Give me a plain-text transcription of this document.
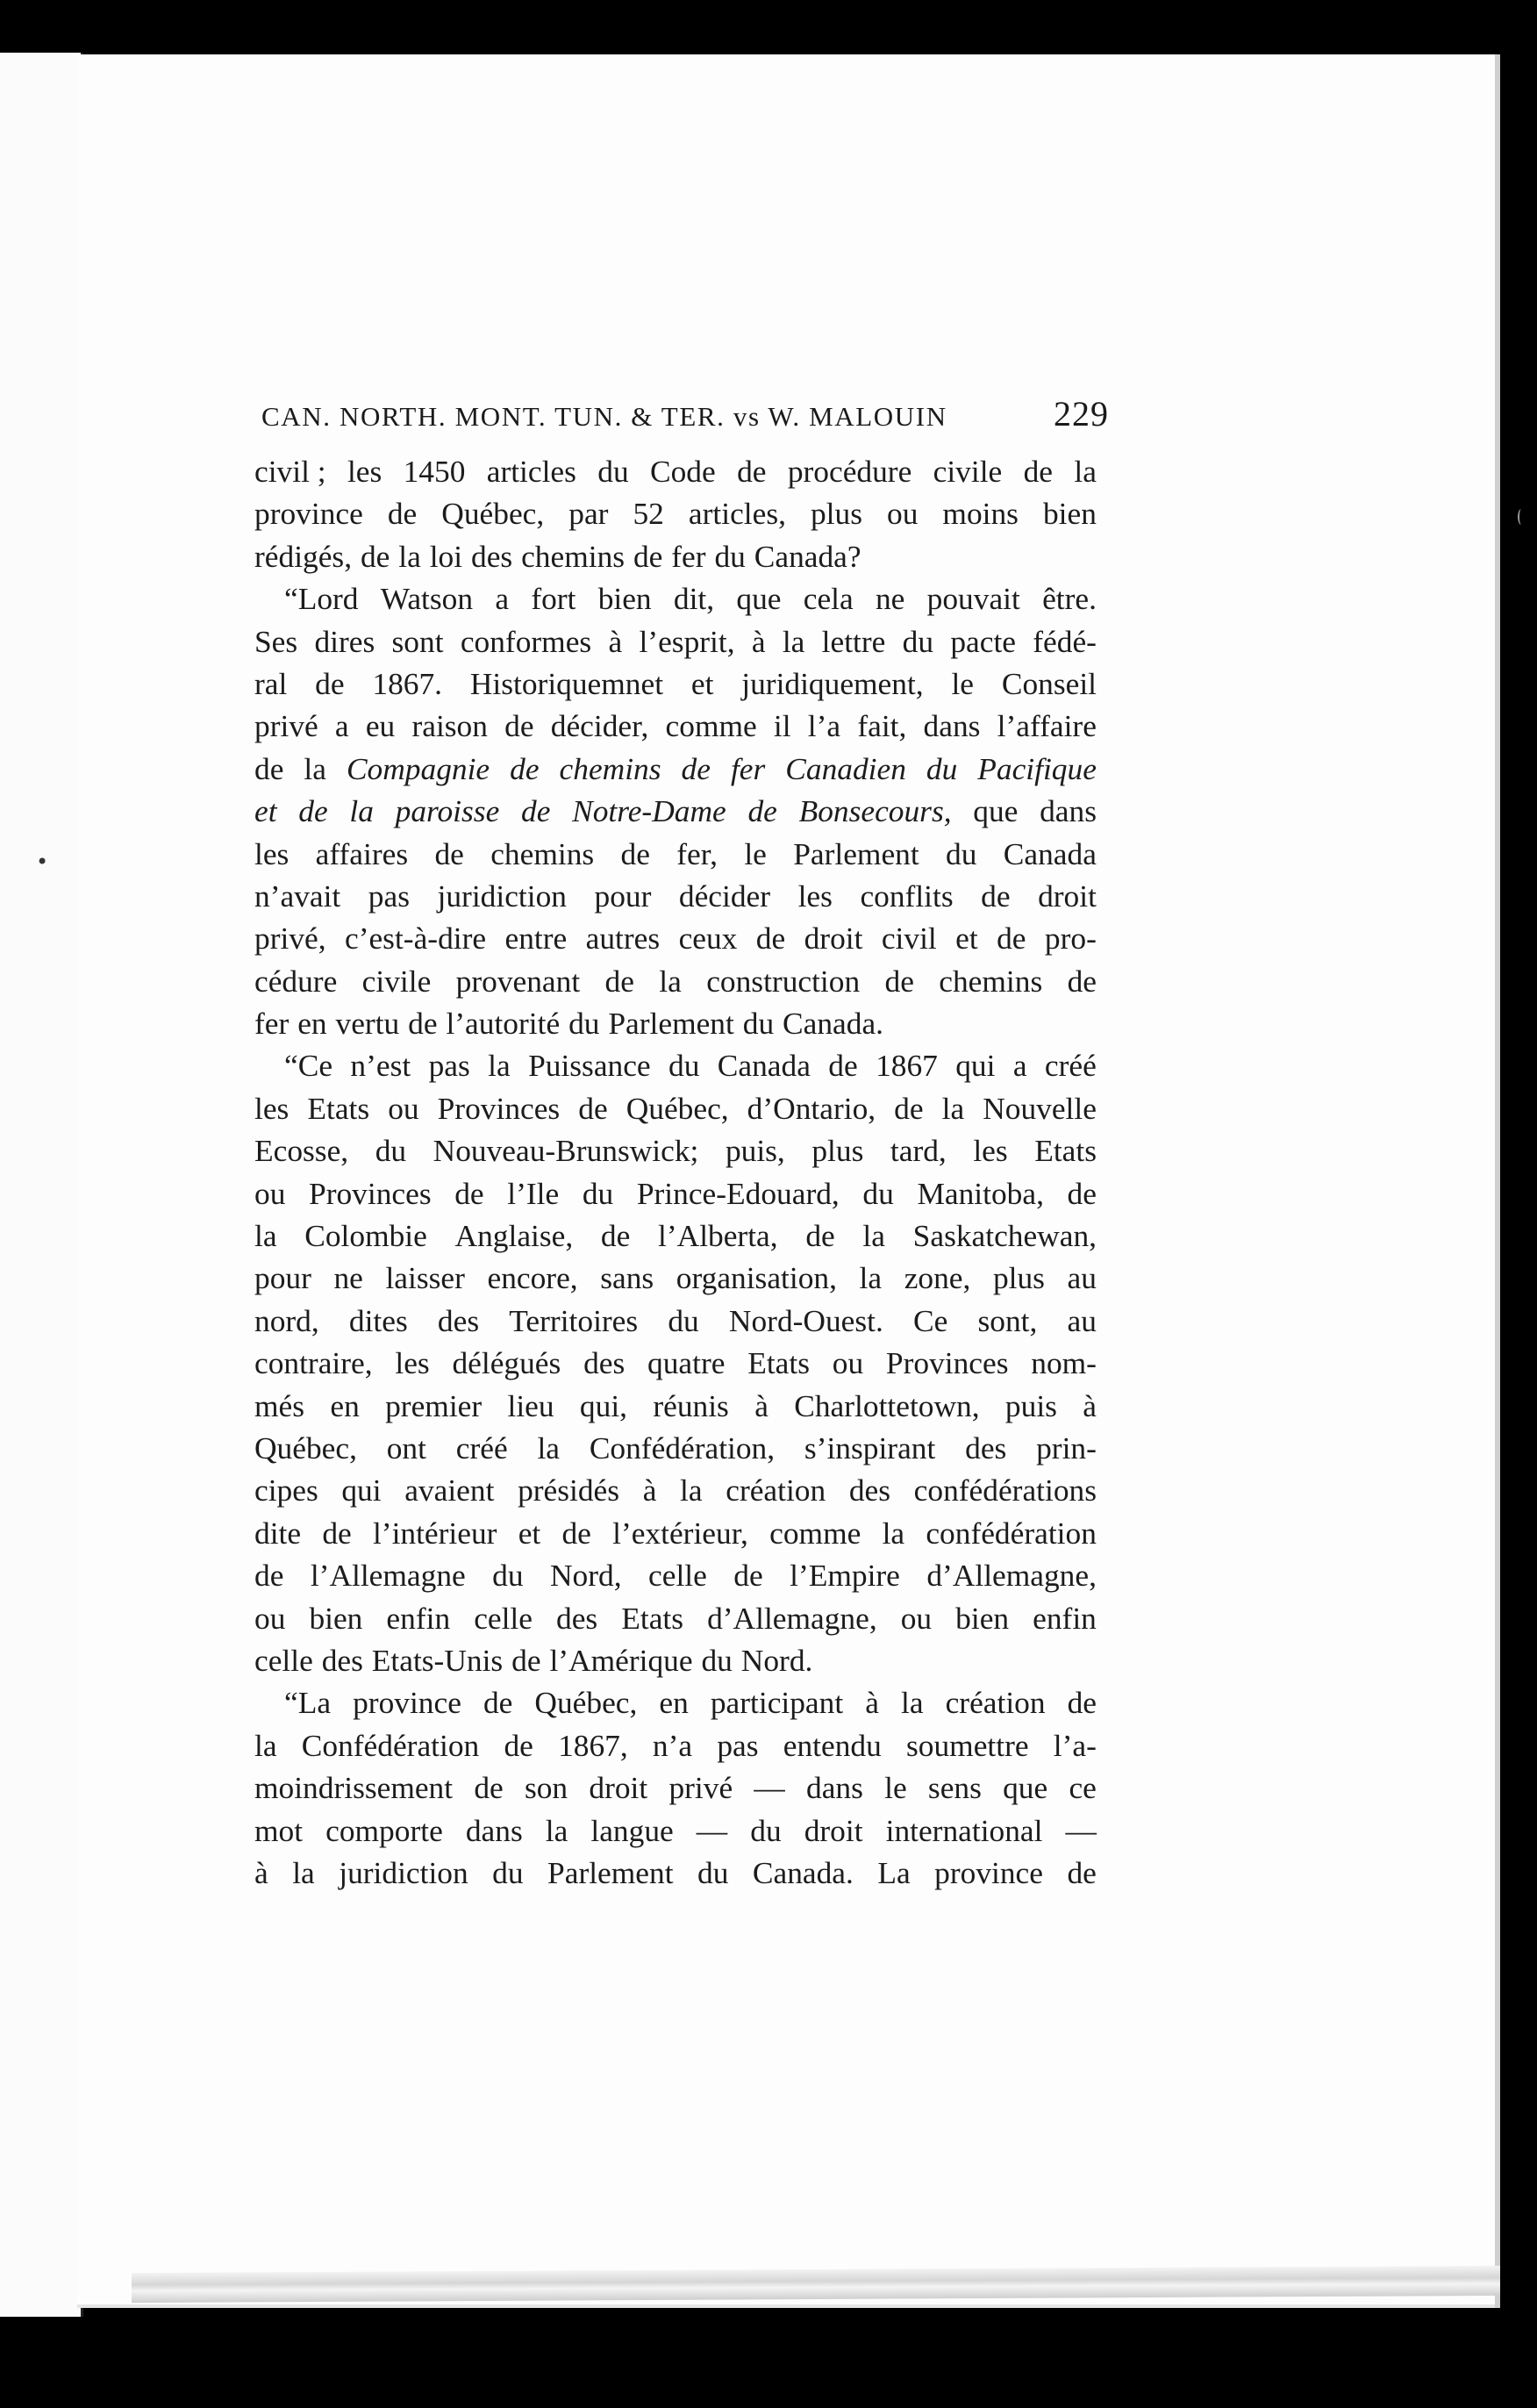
•
CAN. NORTH. MONT. TUN. & TER. vs W. MALOUIN	229
civil ; les 1450 articles du Code de procédure civile de la
province de Québec, par 52 articles, plus ou moins bien
rédigés, de la loi des chemins de fer du Canada?
“Lord Watson a fort bien dit, que cela ne pouvait être.
Ses dires sont conformes à l’esprit, à la lettre du pacte fédé-
ral de 1867. Historiquemnet et juridiquement, le Conseil
privé a eu raison de décider, comme il l’a fait, dans l’affaire
de la Compagnie de chemins de fer Canadien du Pacifique
et de la paroisse de Notre-Dame de Bonsecours, que dans
les affaires de chemins de fer, le Parlement du Canada
n’avait pas juridiction pour décider les conflits de droit
privé, c’est-à-dire entre autres ceux de droit civil et de pro-
cédure civile provenant de la construction de chemins de
fer en vertu de l’autorité du Parlement du Canada.
“Ce n’est pas la Puissance du Canada de 1867 qui a créé
les Etats ou Provinces de Québec, d’Ontario, de la Nouvelle
Ecosse, du Nouveau-Brunswick; puis, plus tard, les Etats
ou Provinces de l’Ile du Prince-Edouard, du Manitoba, de
la Colombie Anglaise, de l’Alberta, de la Saskatchewan,
pour ne laisser encore, sans organisation, la zone, plus au
nord, dites des Territoires du Nord-Ouest. Ce sont, au
contraire, les délégués des quatre Etats ou Provinces nom-
més en premier lieu qui, réunis à Charlottetown, puis à
Québec, ont créé la Confédération, s’inspirant des prin-
cipes qui avaient présidés à la création des confédérations
dite de l’intérieur et de l’extérieur, comme la confédération
de l’Allemagne du Nord, celle de l’Empire d’Allemagne,
ou bien enfin celle des Etats d’Allemagne, ou bien enfin
celle des Etats-Unis de l’Amérique du Nord.
“La province de Québec, en participant à la création de
la Confédération de 1867, n’a pas entendu soumettre l’a-
moindrissement de son droit privé — dans le sens que ce
mot comporte dans la langue — du droit international —
à la juridiction du Parlement du Canada. La province de
